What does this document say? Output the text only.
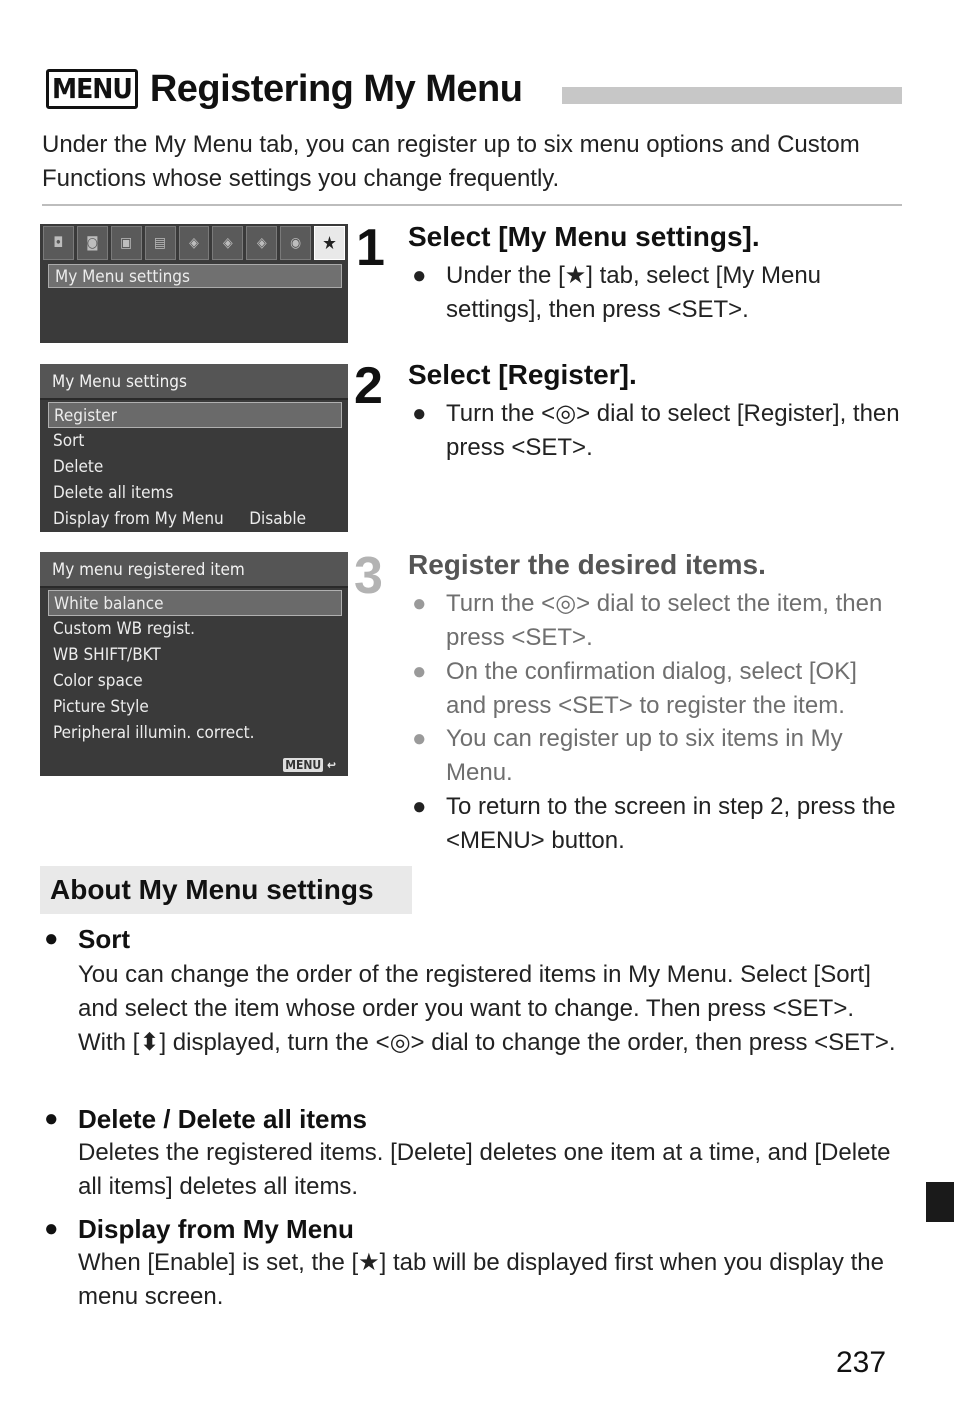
MENU Registering My Menu
Under the My Menu tab, you can register up to six menu options and Custom Functions whose settings you change frequently.
◘	◙	▣	▤	◈	◈	◈	◉	★
My Menu settings
My Menu settings
Register
Sort
Delete
Delete all items
Display from My Menu Disable
My menu registered item
White balance
Custom WB regist.
WB SHIFT/BKT
Color space
Picture Style
Peripheral illumin. correct.
MENU ↩
1 Select [My Menu settings].
● Under the [★] tab, select [My Menu settings], then press <SET>.
2 Select [Register].
● Turn the <◎> dial to select [Register], then press <SET>.
3 Register the desired items.
● Turn the <◎> dial to select the item, then press <SET>.
● On the confirmation dialog, select [OK] and press <SET> to register the item.
● You can register up to six items in My Menu.
● To return to the screen in step 2, press the <MENU> button.
About My Menu settings
● Sort
You can change the order of the registered items in My Menu. Select [Sort] and select the item whose order you want to change. Then press <SET>. With [⬍] displayed, turn the <◎> dial to change the order, then press <SET>.
● Delete / Delete all items
Deletes the registered items. [Delete] deletes one item at a time, and [Delete all items] deletes all items.
● Display from My Menu
When [Enable] is set, the [★] tab will be displayed first when you display the menu screen.
237
